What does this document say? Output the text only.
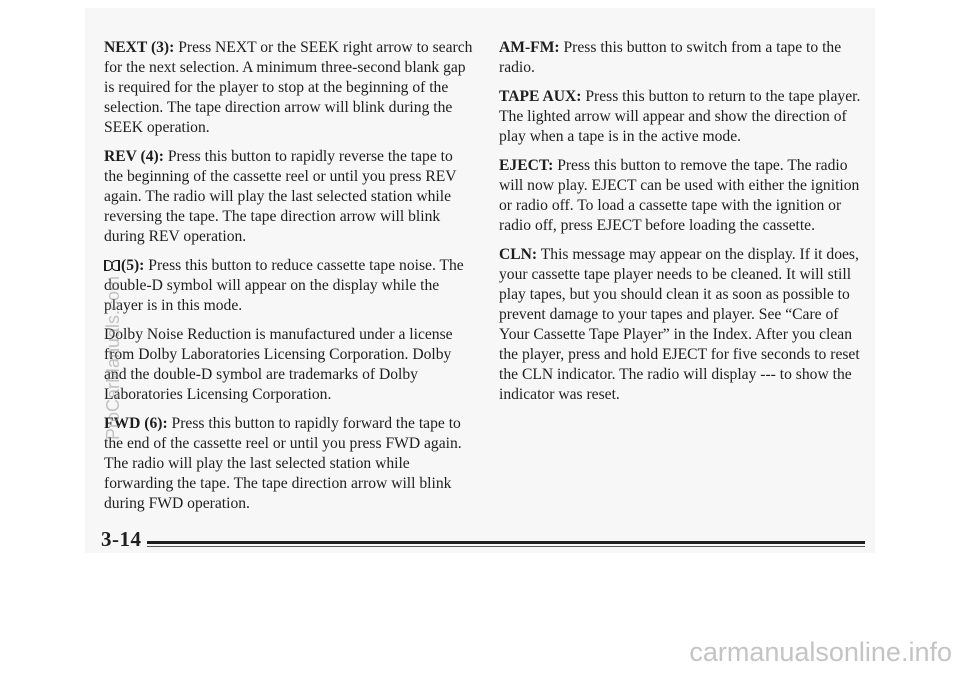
NEXT (3): Press NEXT or the SEEK right arrow to search for the next selection. A minimum three-second blank gap is required for the player to stop at the beginning of the selection. The tape direction arrow will blink during the SEEK operation.

REV (4): Press this button to rapidly reverse the tape to the beginning of the cassette reel or until you press REV again. The radio will play the last selected station while reversing the tape. The tape direction arrow will blink during REV operation.

(5): Press this button to reduce cassette tape noise. The double-D symbol will appear on the display while the player is in this mode.

Dolby Noise Reduction is manufactured under a license from Dolby Laboratories Licensing Corporation. Dolby and the double-D symbol are trademarks of Dolby Laboratories Licensing Corporation.

FWD (6): Press this button to rapidly forward the tape to the end of the cassette reel or until you press FWD again. The radio will play the last selected station while forwarding the tape. The tape direction arrow will blink during FWD operation.

AM-FM: Press this button to switch from a tape to the radio.

TAPE AUX: Press this button to return to the tape player. The lighted arrow will appear and show the direction of play when a tape is in the active mode.

EJECT: Press this button to remove the tape. The radio will now play. EJECT can be used with either the ignition or radio off. To load a cassette tape with the ignition or radio off, press EJECT before loading the cassette.

CLN: This message may appear on the display. If it does, your cassette tape player needs to be cleaned. It will still play tapes, but you should clean it as soon as possible to prevent damage to your tapes and player. See “Care of Your Cassette Tape Player” in the Index. After you clean the player, press and hold EJECT for five seconds to reset the CLN indicator. The radio will display --- to show the indicator was reset.

3-14
ProCarManuals.com
carmanualsonline.info
